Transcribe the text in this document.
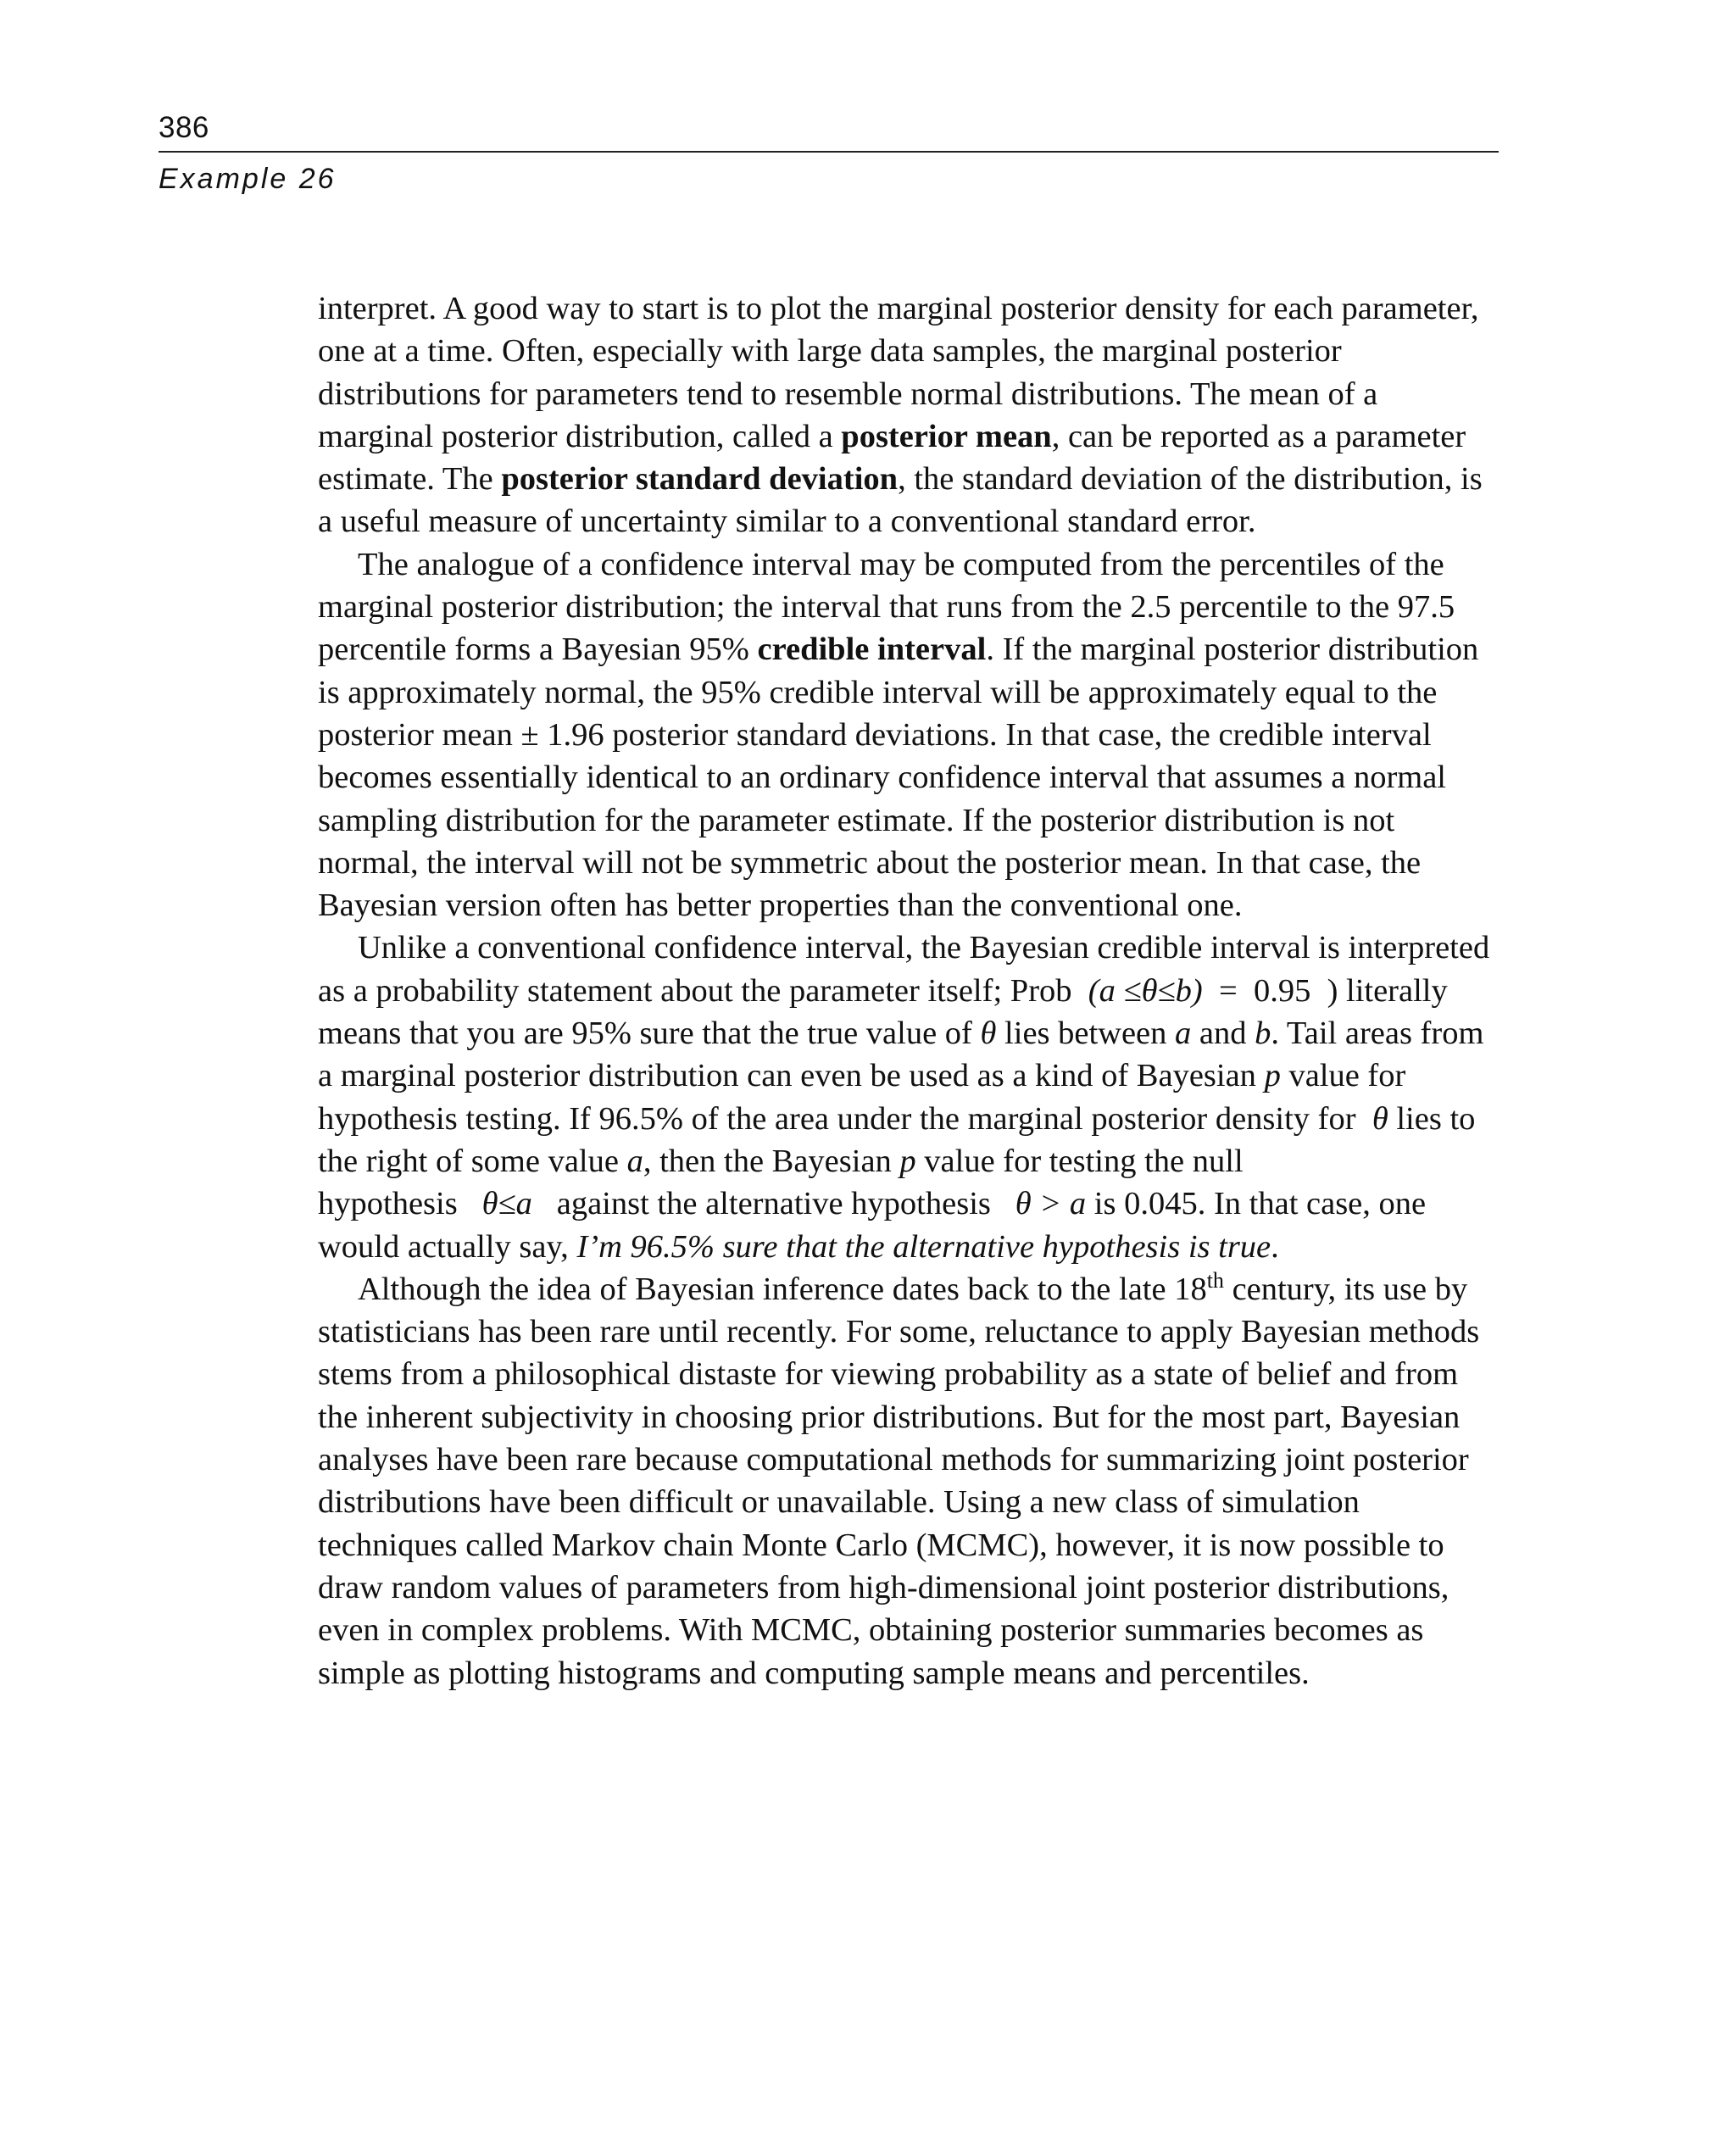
386
Example 26

interpret. A good way to start is to plot the marginal posterior density for each parameter, one at a time. Often, especially with large data samples, the marginal posterior distributions for parameters tend to resemble normal distributions. The mean of a marginal posterior distribution, called a posterior mean, can be reported as a parameter estimate. The posterior standard deviation, the standard deviation of the distribution, is a useful measure of uncertainty similar to a conventional standard error.

The analogue of a confidence interval may be computed from the percentiles of the marginal posterior distribution; the interval that runs from the 2.5 percentile to the 97.5 percentile forms a Bayesian 95% credible interval. If the marginal posterior distribution is approximately normal, the 95% credible interval will be approximately equal to the posterior mean ± 1.96 posterior standard deviations. In that case, the credible interval becomes essentially identical to an ordinary confidence interval that assumes a normal sampling distribution for the parameter estimate. If the posterior distribution is not normal, the interval will not be symmetric about the posterior mean. In that case, the Bayesian version often has better properties than the conventional one.

Unlike a conventional confidence interval, the Bayesian credible interval is interpreted as a probability statement about the parameter itself; Prob (a ≤θ≤b) = 0.95 ) literally means that you are 95% sure that the true value of θ lies between a and b. Tail areas from a marginal posterior distribution can even be used as a kind of Bayesian p value for hypothesis testing. If 96.5% of the area under the marginal posterior density for θ lies to the right of some value a, then the Bayesian p value for testing the null hypothesis θ≤a against the alternative hypothesis θ > a is 0.045. In that case, one would actually say, I’m 96.5% sure that the alternative hypothesis is true.

Although the idea of Bayesian inference dates back to the late 18th century, its use by statisticians has been rare until recently. For some, reluctance to apply Bayesian methods stems from a philosophical distaste for viewing probability as a state of belief and from the inherent subjectivity in choosing prior distributions. But for the most part, Bayesian analyses have been rare because computational methods for summarizing joint posterior distributions have been difficult or unavailable. Using a new class of simulation techniques called Markov chain Monte Carlo (MCMC), however, it is now possible to draw random values of parameters from high-dimensional joint posterior distributions, even in complex problems. With MCMC, obtaining posterior summaries becomes as simple as plotting histograms and computing sample means and percentiles.
